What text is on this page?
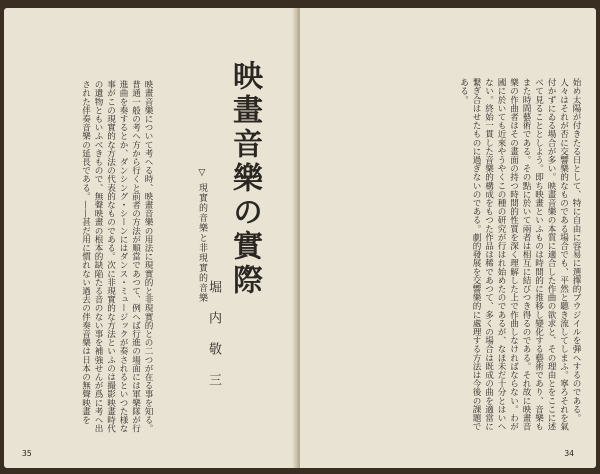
映畫音樂について考へる時、映畫音樂の用法に現實的と非現實的との二つが在る事を知る。普通一般の考へ方から行くと前者の方法が順當であつて、例へば行進の場面には軍樂隊が行進曲を奏するとか、ダンシング・シーンにはダンス・ミュージックが奏されるといつた様な事がこの現實的な方法の代表的なものである。次に非現實的な方法といふのは撮影映畫時代の遺物ともいふべきもので、無聲映畫の根本的缺陥たる音のない事を補強せんが爲に考へ出された伴奏音樂の延長である。——甚だ用に慣れない過去の伴奏音樂は日本の無聲映畫を	▽ 現實的音樂と非現實的音樂 映畫音樂の實際
堀内敬三
35
始め太陽が付きたる日として、特に自由に容易に選擇的ブウジイルを弾へするのである。人々はそれが否に交響樂的なものである場合でも、平然と聽き流してしまふ。寧ろそれを氣付かずにゐる場合が多い。映畫音樂の本質に適合した作曲の欲求と、その理由とをここに述べて見ることとしよう。即ち映畫といふものは時間的に推移し變化する藝術であり、音樂もまた時間藝術である。その點に於いて兩者は相互に結びつき得るのである。それ故に映畫音樂の作曲者はその畫面の持つ時間的性質を深く理解した上で作曲しなければならない。わが國に於いても近來やうやくこの種の研究が行はれ始めたのであるが、なほ未だ十分とはいへない。終始一貫した音樂的構成をもつた作品は稀であつて、多くの場合は既成の曲を適當に繋ぎ合はせたものに過ぎないのである。劇的發展を交響樂的に處理する方法は今後の課題である。
34
